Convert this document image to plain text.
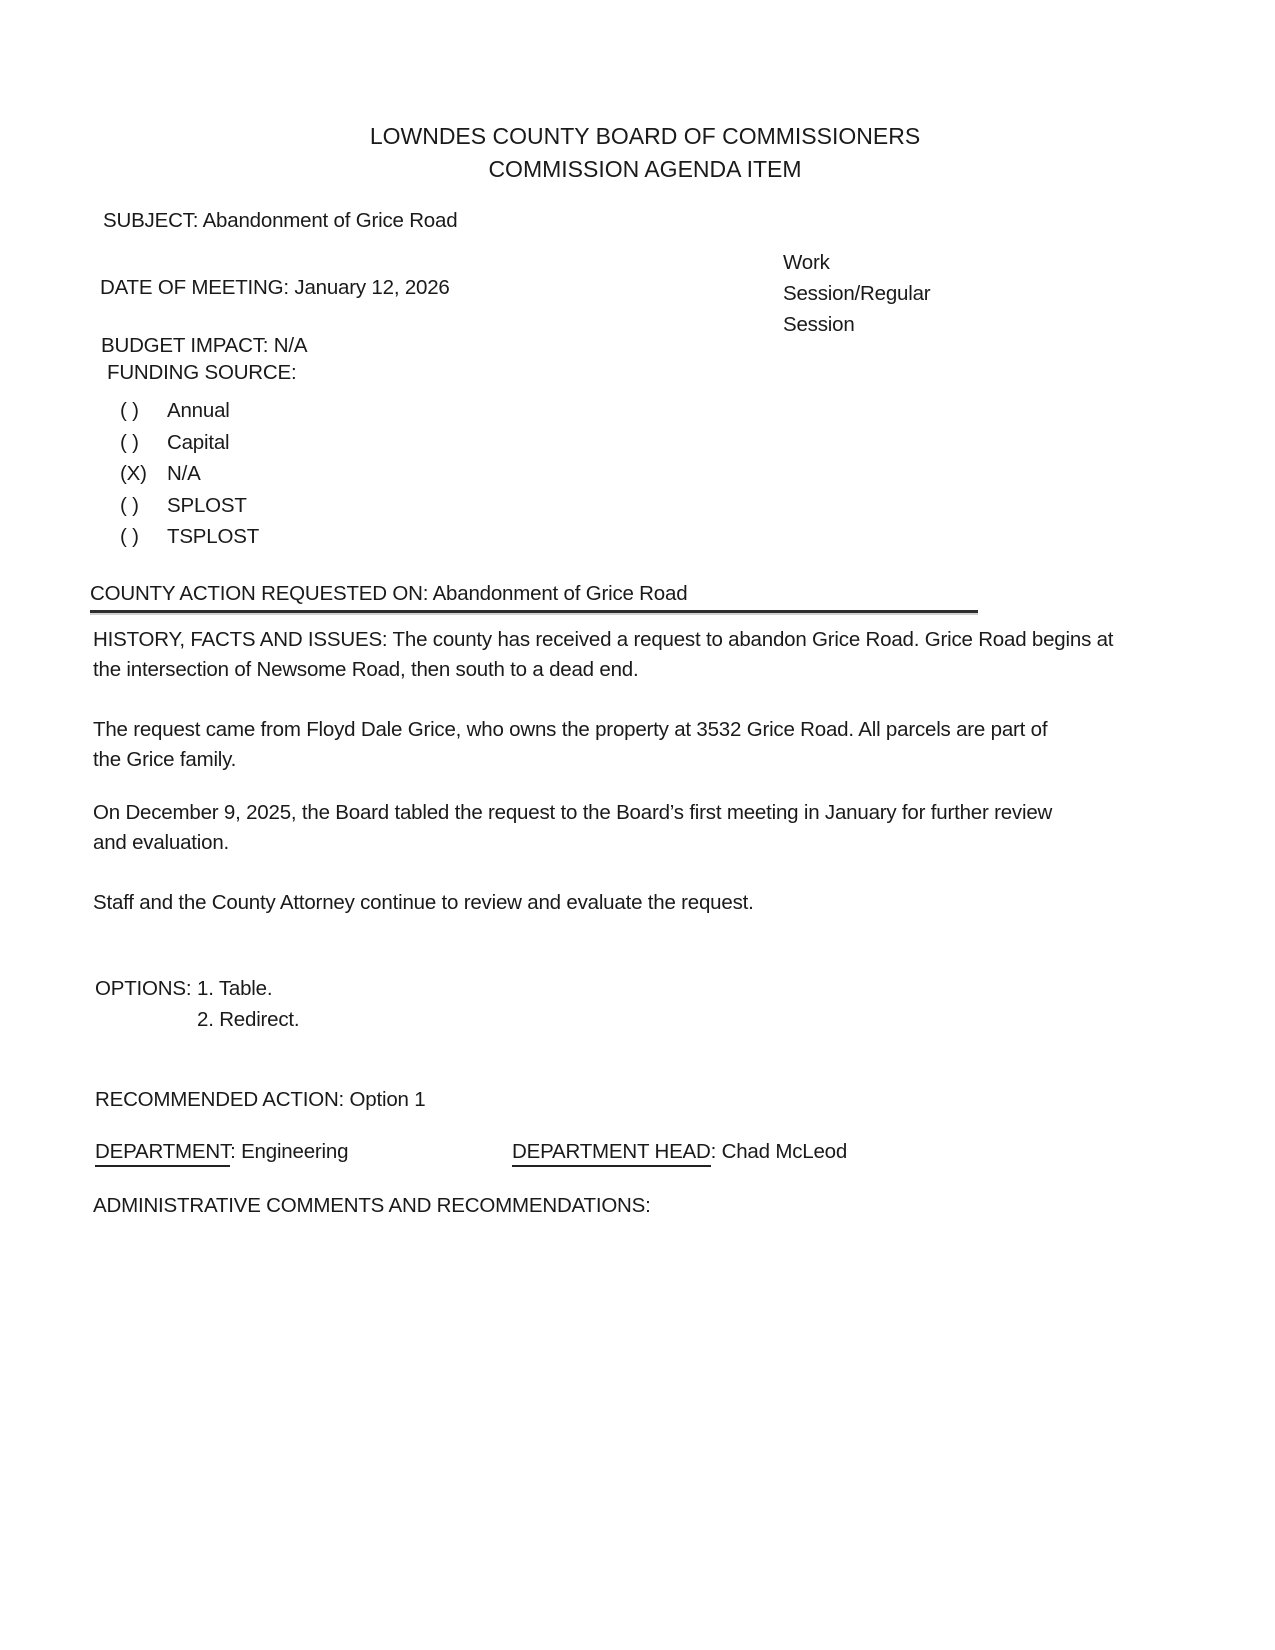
LOWNDES COUNTY BOARD OF COMMISSIONERS
COMMISSION AGENDA ITEM
SUBJECT: Abandonment of Grice Road
Work
Session/Regular
Session
DATE OF MEETING: January 12, 2026
BUDGET IMPACT: N/A
FUNDING SOURCE:
( ) Annual
( ) Capital
(X) N/A
( ) SPLOST
( ) TSPLOST
COUNTY ACTION REQUESTED ON: Abandonment of Grice Road
HISTORY, FACTS AND ISSUES: The county has received a request to abandon Grice Road. Grice Road begins at
the intersection of Newsome Road, then south to a dead end.
The request came from Floyd Dale Grice, who owns the property at 3532 Grice Road. All parcels are part of
the Grice family.
On December 9, 2025, the Board tabled the request to the Board’s first meeting in January for further review
and evaluation.
Staff and the County Attorney continue to review and evaluate the request.
OPTIONS: 1. Table.
2. Redirect.
RECOMMENDED ACTION: Option 1
DEPARTMENT: Engineering	DEPARTMENT HEAD: Chad McLeod
ADMINISTRATIVE COMMENTS AND RECOMMENDATIONS:
